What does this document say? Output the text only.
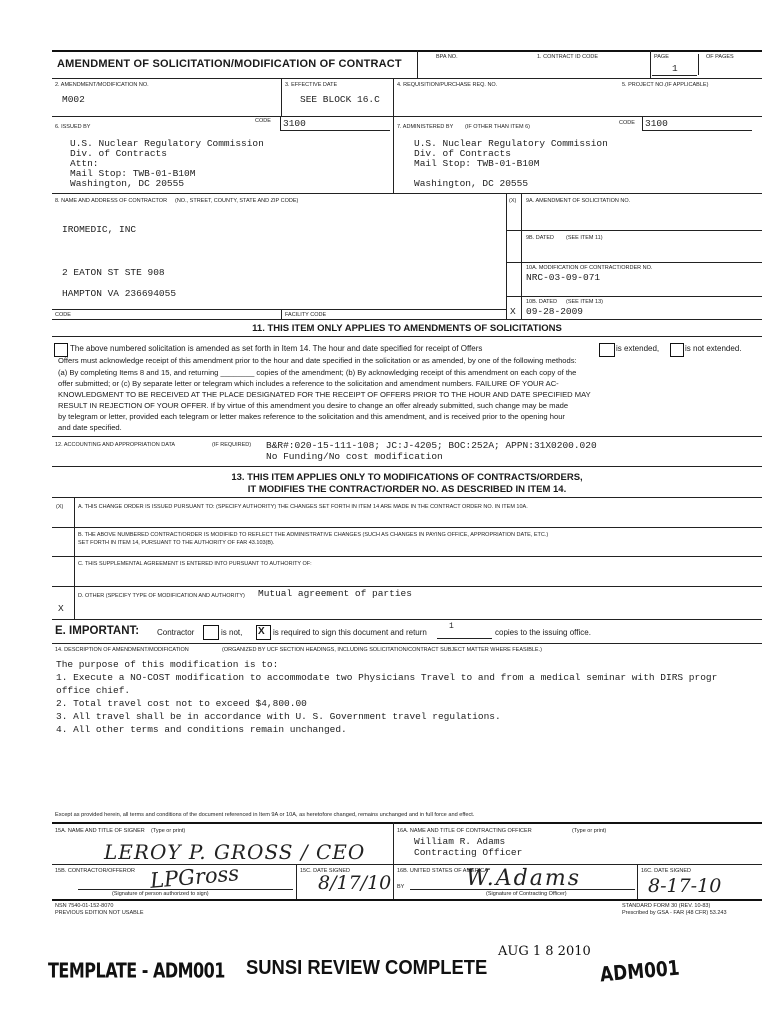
AMENDMENT OF SOLICITATION/MODIFICATION OF CONTRACT
BPA NO.	1. CONTRACT ID CODE	PAGE	OF PAGES
1
2. AMENDMENT/MODIFICATION NO.
M002
3. EFFECTIVE DATE
SEE BLOCK 16.C
4. REQUISITION/PURCHASE REQ. NO.	5. PROJECT NO.(IF APPLICABLE)
6. ISSUED BY
CODE 3100
U.S. Nuclear Regulatory Commission
Div. of Contracts
Attn:
Mail Stop: TWB-01-B10M
Washington, DC 20555
7. ADMINISTERED BY (IF OTHER THAN ITEM 6)
CODE 3100
U.S. Nuclear Regulatory Commission
Div. of Contracts
Mail Stop: TWB-01-B10M
Washington, DC 20555
8. NAME AND ADDRESS OF CONTRACTOR (NO., STREET, COUNTY, STATE AND ZIP CODE)
IROMEDIC, INC
2 EATON ST STE 908
HAMPTON VA 236694055
(X) 9A. AMENDMENT OF SOLICITATION NO.
9B. DATED (SEE ITEM 11)
10A. MODIFICATION OF CONTRACT/ORDER NO.
NRC-03-09-071
10B. DATED (SEE ITEM 13)
X 09-28-2009
CODE	FACILITY CODE
11. THIS ITEM ONLY APPLIES TO AMENDMENTS OF SOLICITATIONS
The above numbered solicitation is amended as set forth in Item 14. The hour and date specified for receipt of Offers	is extended,	is not extended.
Offers must acknowledge receipt of this amendment prior to the hour and date specified in the solicitation or as amended, by one of the following methods:
(a) By completing Items 8 and 15, and returning ________ copies of the amendment; (b) By acknowledging receipt of this amendment on each copy of the
offer submitted; or (c) By separate letter or telegram which includes a reference to the solicitation and amendment numbers. FAILURE OF YOUR AC-
KNOWLEDGMENT TO BE RECEIVED AT THE PLACE DESIGNATED FOR THE RECEIPT OF OFFERS PRIOR TO THE HOUR AND DATE SPECIFIED MAY
RESULT IN REJECTION OF YOUR OFFER. If by virtue of this amendment you desire to change an offer already submitted, such change may be made
by telegram or letter, provided each telegram or letter makes reference to the solicitation and this amendment, and is received prior to the opening hour
and date specified.
12. ACCOUNTING AND APPROPRIATION DATA	(IF REQUIRED) B&R#:020-15-111-108; JC:J-4205; BOC:252A; APPN:31X0200.020
No Funding/No cost modification
13. THIS ITEM APPLIES ONLY TO MODIFICATIONS OF CONTRACTS/ORDERS,
IT MODIFIES THE CONTRACT/ORDER NO. AS DESCRIBED IN ITEM 14.
(X)	A. THIS CHANGE ORDER IS ISSUED PURSUANT TO: (SPECIFY AUTHORITY) THE CHANGES SET FORTH IN ITEM 14 ARE MADE IN THE CONTRACT ORDER NO. IN ITEM 10A.
B. THE ABOVE NUMBERED CONTRACT/ORDER IS MODIFIED TO REFLECT THE ADMINISTRATIVE CHANGES (SUCH AS CHANGES IN PAYING OFFICE, APPROPRIATION DATE, ETC.)
SET FORTH IN ITEM 14, PURSUANT TO THE AUTHORITY OF FAR 43.103(B).
C. THIS SUPPLEMENTAL AGREEMENT IS ENTERED INTO PURSUANT TO AUTHORITY OF:
D. OTHER (SPECIFY TYPE OF MODIFICATION AND AUTHORITY) Mutual agreement of parties
X
E. IMPORTANT: Contractor	is not, X is required to sign this document and return
1
copies to the issuing office.
14. DESCRIPTION OF AMENDMENT/MODIFICATION	(ORGANIZED BY UCF SECTION HEADINGS, INCLUDING SOLICITATION/CONTRACT SUBJECT MATTER WHERE FEASIBLE.)
The purpose of this modification is to:
1. Execute a NO-COST modification to accommodate two Physicians Travel to and from a medical seminar with DIRS progr
office chief.
2. Total travel cost not to exceed $4,800.00
3. All travel shall be in accordance with U. S. Government travel regulations.
4. All other terms and conditions remain unchanged.
Except as provided herein, all terms and conditions of the document referenced in Item 9A or 10A, as heretofore changed, remains unchanged and in full force and effect.
15A. NAME AND TITLE OF SIGNER (Type or print)
LEROY P. GROSS / CEO
16A. NAME AND TITLE OF CONTRACTING OFFICER	(Type or print)
William R. Adams
Contracting Officer
15B. CONTRACTOR/OFFEROR LPGross
(Signature of person authorized to sign)
15C. DATE SIGNED
8/17/10
16B. UNITED STATES OF AMERICA
BY	W.Adams
(Signature of Contracting Officer)
16C. DATE SIGNED
8-17-10
NSN 7540-01-152-8070
PREVIOUS EDITION NOT USABLE
STANDARD FORM 30 (REV. 10-83)
Prescribed by GSA - FAR (48 CFR) 53.243
TEMPLATE - ADM001 SUNSI REVIEW COMPLETE
AUG 1 8 2010
ADM001
